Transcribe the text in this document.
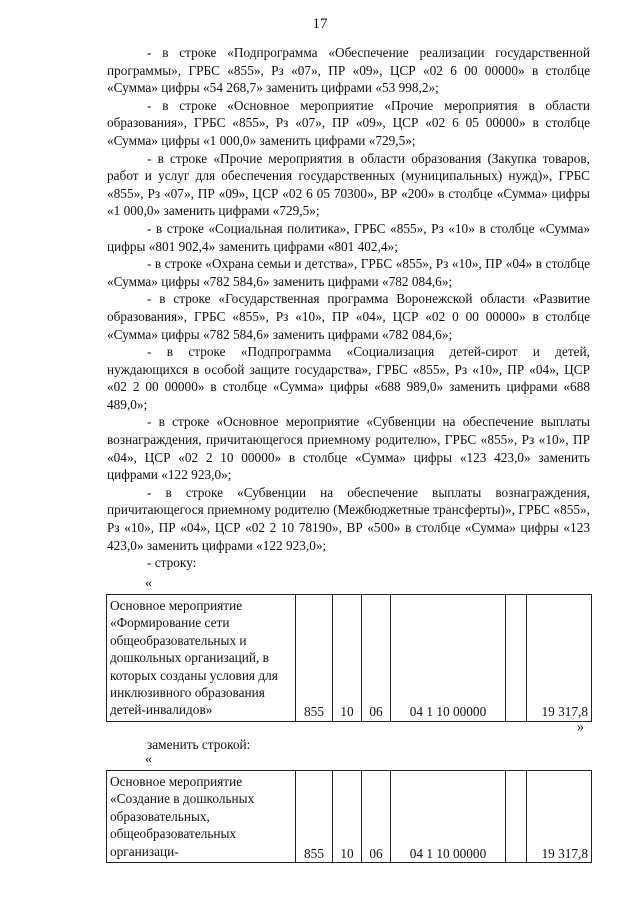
17

- в строке «Подпрограмма «Обеспечение реализации государственной программы», ГРБС «855», Рз «07», ПР «09», ЦСР «02 6 00 00000» в столбце «Сумма» цифры «54 268,7» заменить цифрами «53 998,2»;

- в строке «Основное мероприятие «Прочие мероприятия в области образования», ГРБС «855», Рз «07», ПР «09», ЦСР «02 6 05 00000» в столбце «Сумма» цифры «1 000,0» заменить цифрами «729,5»;

- в строке «Прочие мероприятия в области образования (Закупка товаров, работ и услуг для обеспечения государственных (муниципальных) нужд)», ГРБС «855», Рз «07», ПР «09», ЦСР «02 6 05 70300», ВР «200» в столбце «Сумма» цифры «1 000,0» заменить цифрами «729,5»;

- в строке «Социальная политика», ГРБС «855», Рз «10» в столбце «Сумма» цифры «801 902,4» заменить цифрами «801 402,4»;

- в строке «Охрана семьи и детства», ГРБС «855», Рз «10», ПР «04» в столбце «Сумма» цифры «782 584,6» заменить цифрами «782 084,6»;

- в строке «Государственная программа Воронежской области «Развитие образования», ГРБС «855», Рз «10», ПР «04», ЦСР «02 0 00 00000» в столбце «Сумма» цифры «782 584,6» заменить цифрами «782 084,6»;

- в строке «Подпрограмма «Социализация детей-сирот и детей, нуждающихся в особой защите государства», ГРБС «855», Рз «10», ПР «04», ЦСР «02 2 00 00000» в столбце «Сумма» цифры «688 989,0» заменить цифрами «688 489,0»;

- в строке «Основное мероприятие «Субвенции на обеспечение выплаты вознаграждения, причитающегося приемному родителю», ГРБС «855», Рз «10», ПР «04», ЦСР «02 2 10 00000» в столбце «Сумма» цифры «123 423,0» заменить цифрами «122 923,0»;

- в строке «Субвенции на обеспечение выплаты вознаграждения, причитающегося приемному родителю (Межбюджетные трансферты)», ГРБС «855», Рз «10», ПР «04», ЦСР «02 2 10 78190», ВР «500» в столбце «Сумма» цифры «123 423,0» заменить цифрами «122 923,0»;

- строку:

«
Основное мероприятие «Формирование сети общеобразовательных и дошкольных организаций, в которых созданы условия для инклюзивного образования детей-инвалидов»	855	10	06	04 1 10 00000		19 317,8
»
заменить строкой:
«
Основное мероприятие «Создание в дошкольных образовательных, общеобразовательных организаци-	855	10	06	04 1 10 00000		19 317,8
